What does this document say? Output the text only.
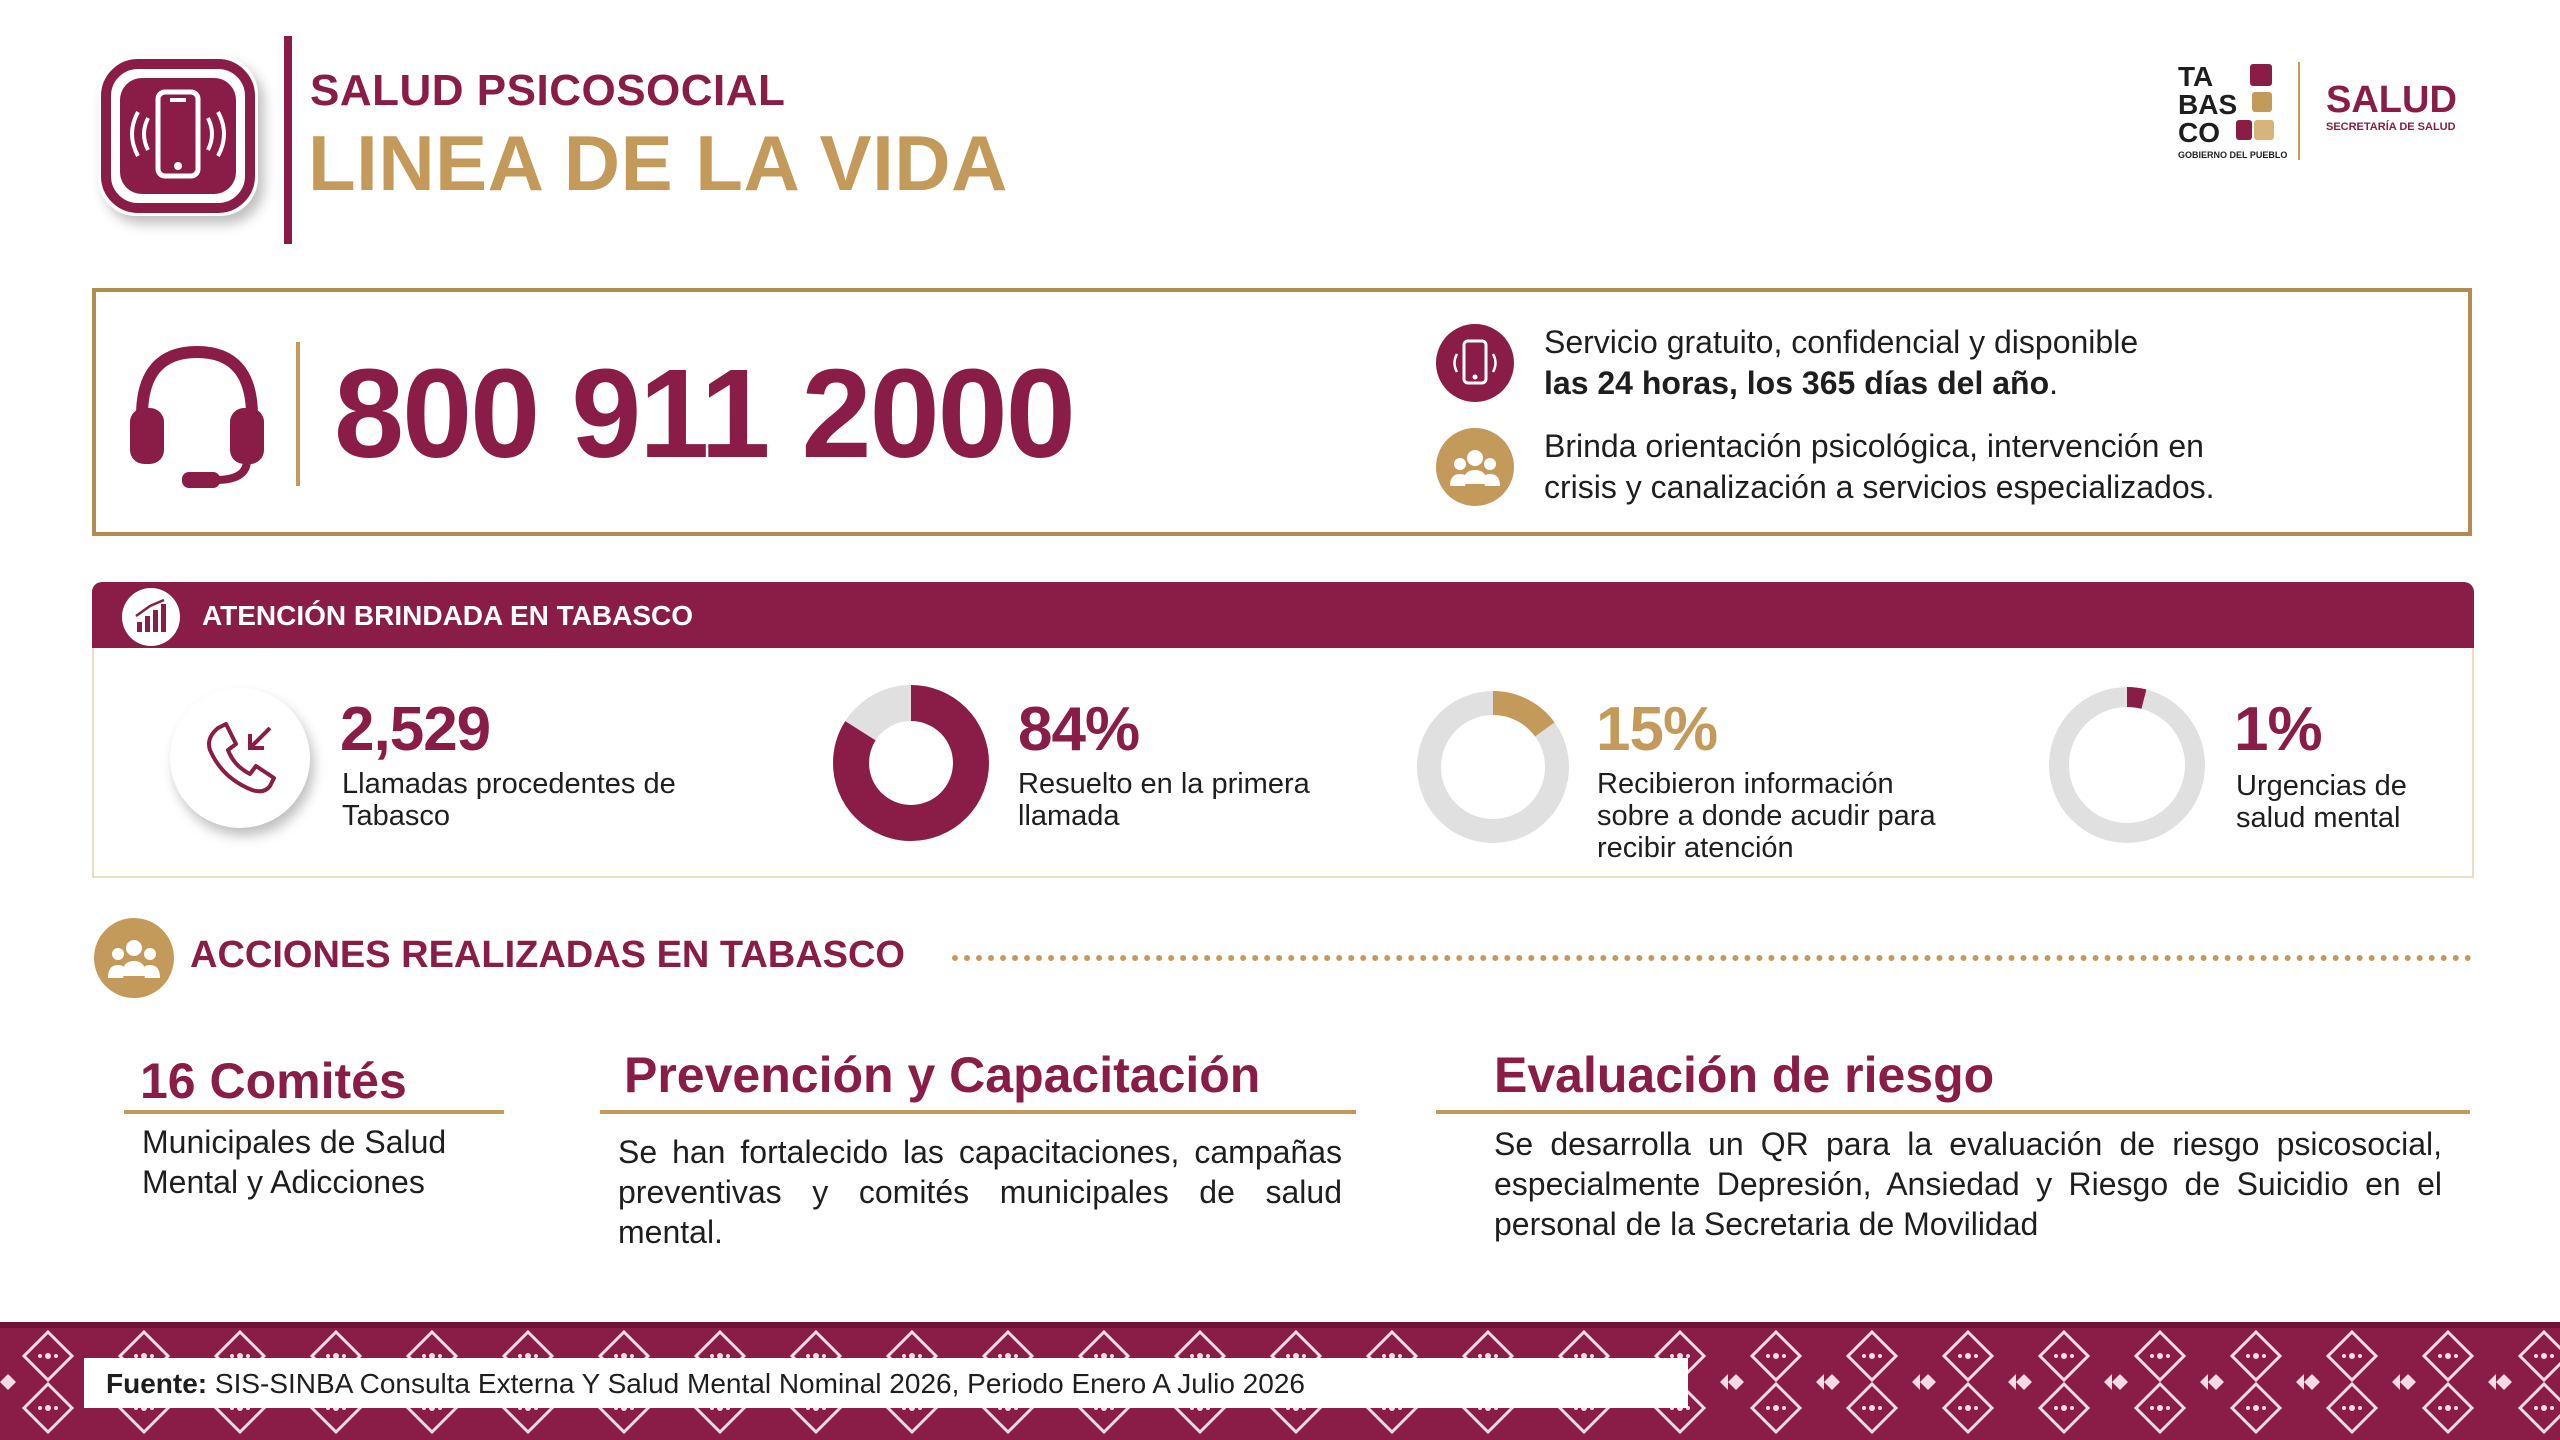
SALUD PSICOSOCIAL
LINEA DE LA VIDA
TA
BAS
CO
GOBIERNO DEL PUEBLO
SALUD
SECRETARÍA DE SALUD
800 911 2000
Servicio gratuito, confidencial y disponible
las 24 horas, los 365 días del año.
Brinda orientación psicológica, intervención en
crisis y canalización a servicios especializados.
ATENCIÓN BRINDADA EN TABASCO
2,529
Llamadas procedentes de
Tabasco
84%
Resuelto en la primera
llamada
15%
Recibieron información
sobre a donde acudir para
recibir atención
1%
Urgencias de
salud mental
ACCIONES REALIZADAS EN TABASCO
16 Comités
Municipales de Salud
Mental y Adicciones
Prevención y Capacitación
Se han fortalecido las capacitaciones, campañas preventivas y comités municipales de salud mental.
Evaluación de riesgo
Se desarrolla un QR para la evaluación de riesgo psicosocial, especialmente Depresión, Ansiedad y Riesgo de Suicidio en el personal de la Secretaria de Movilidad
Fuente: SIS-SINBA Consulta Externa Y Salud Mental Nominal 2026, Periodo Enero A Julio 2026
